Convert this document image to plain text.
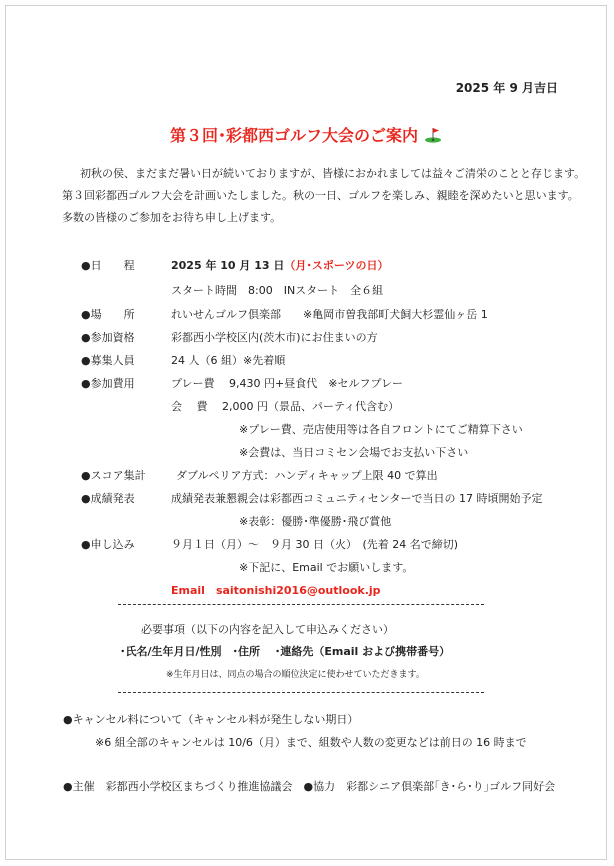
2025 年 9 月吉日
第３回･彩都西ゴルフ大会のご案内
初秋の侯、まだまだ暑い日が続いておりますが、皆様におかれましては益々ご清栄のことと存じます。
第３回彩都西ゴルフ大会を計画いたしました。秋の一日、ゴルフを楽しみ、親睦を深めたいと思います。
多数の皆様のご参加をお待ち申し上げます。
●日　　程	2025 年 10 月 13 日（月･スポーツの日）
スタート時間　8:00　INスタート　全６組
●場　　所	れいせんゴルフ倶楽部　　※亀岡市曽我部町犬飼大杉霊仙ヶ岳 1
●参加資格	彩都西小学校区内(茨木市)にお住まいの方
●募集人員	24 人（6 組）※先着順
●参加費用	プレー費　 9,430 円+昼食代　※セルフプレー
会　 費　 2,000 円（景品、パーティ代含む）
※プレー費、売店使用等は各自フロントにてご精算下さい
※会費は、当日コミセン会場でお支払い下さい
●スコア集計	ダブルペリア方式：ハンディキャップ上限 40 で算出
●成績発表	成績発表兼懇親会は彩都西コミュニティセンターで当日の 17 時頃開始予定
※表彰：優勝･準優勝･飛び賞他
●申し込み	９月１日（月）～　９月 30 日（火）　(先着 24 名で締切)
※下記に、Email でお願いします。
Email　saitonishi2016@outlook.jp
必要事項（以下の内容を記入して申込みください）
･氏名/生年月日/性別　･住所　 ･連絡先（Email および携帯番号）
※生年月日は、同点の場合の順位決定に使わせていただきます。
●キャンセル料について（キャンセル料が発生しない期日）
※6 組全部のキャンセルは 10/6（月）まで、組数や人数の変更などは前日の 16 時まで
●主催　彩都西小学校区まちづくり推進協議会　●協力　彩都シニア倶楽部｢き･ら･り｣ゴルフ同好会
